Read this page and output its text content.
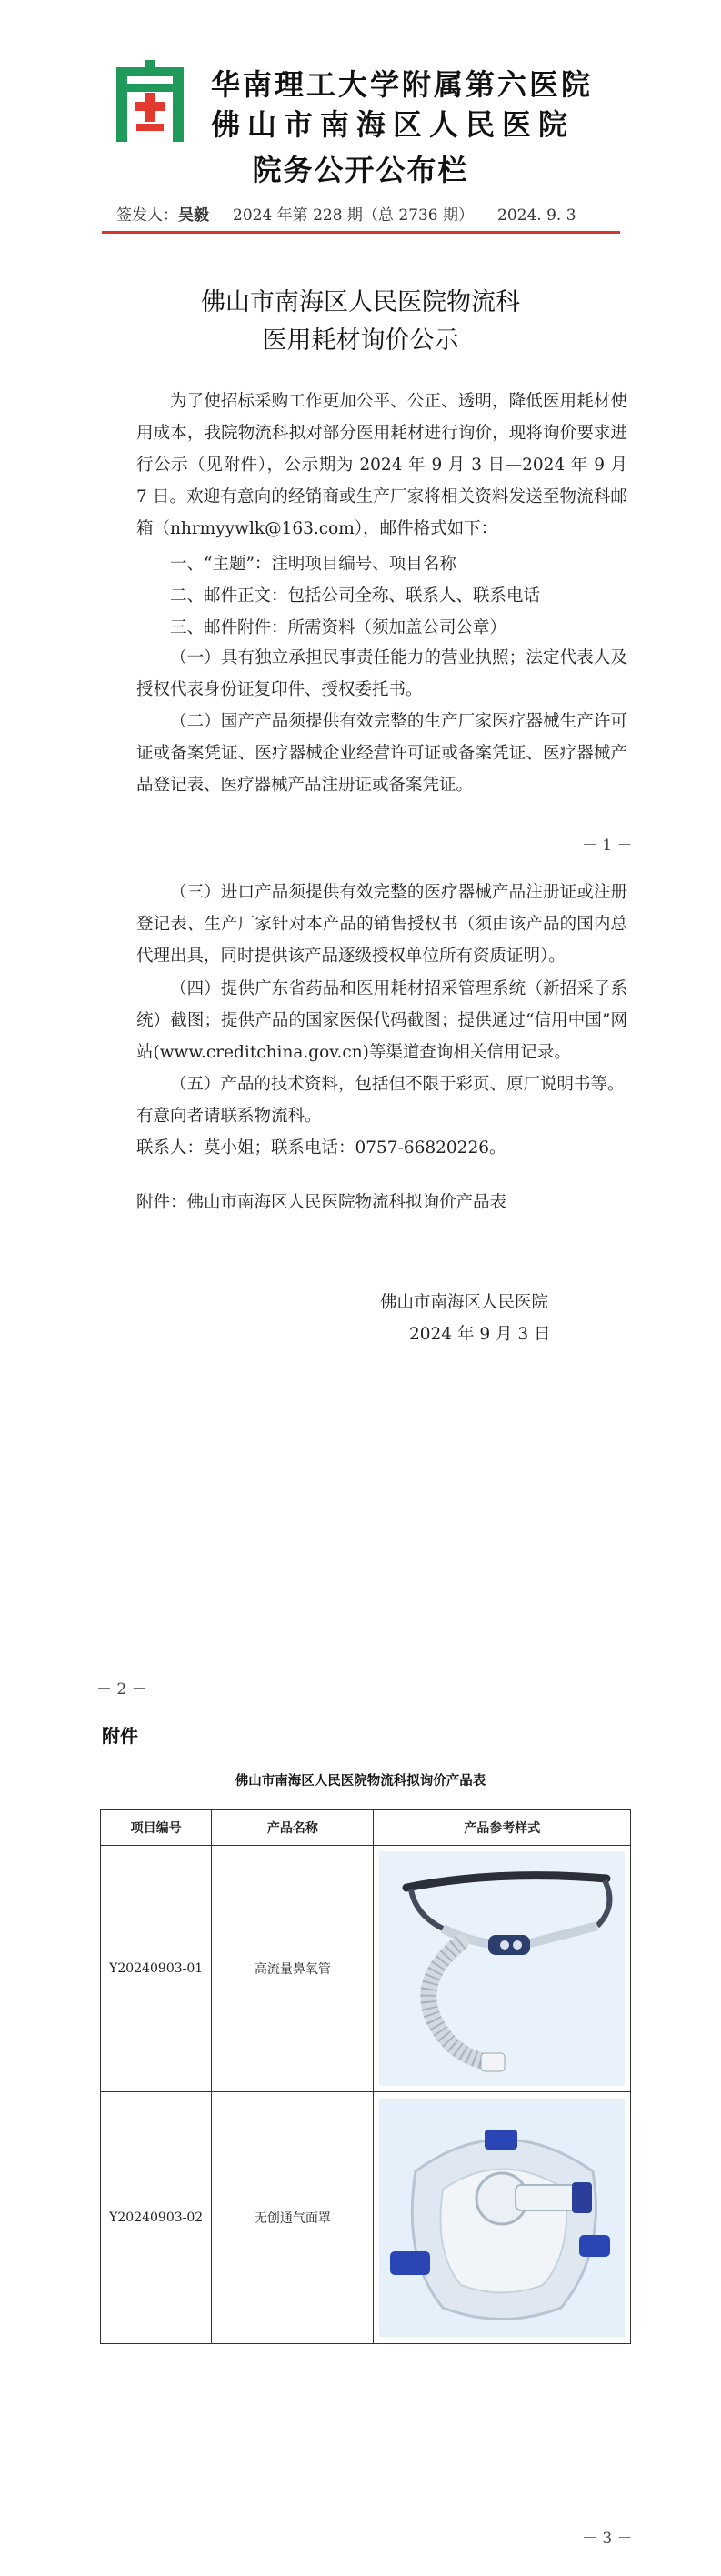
华南理工大学附属第六医院
佛山市南海区人民医院
院务公开公布栏
签发人：吴毅 2024 年第 228 期（总 2736 期） 2024. 9. 3
佛山市南海区人民医院物流科
医用耗材询价公示
为了使招标采购工作更加公平、公正、透明，降低医用耗材使用成本，我院物流科拟对部分医用耗材进行询价，现将询价要求进行公示（见附件），公示期为 2024 年 9 月 3 日—2024 年 9 月 7 日。欢迎有意向的经销商或生产厂家将相关资料发送至物流科邮箱（nhrmyywlk@163.com），邮件格式如下：
一、“主题”：注明项目编号、项目名称
二、邮件正文：包括公司全称、联系人、联系电话
三、邮件附件：所需资料（须加盖公司公章）
（一）具有独立承担民事责任能力的营业执照；法定代表人及授权代表身份证复印件、授权委托书。
（二）国产产品须提供有效完整的生产厂家医疗器械生产许可证或备案凭证、医疗器械企业经营许可证或备案凭证、医疗器械产品登记表、医疗器械产品注册证或备案凭证。
－ 1 －
（三）进口产品须提供有效完整的医疗器械产品注册证或注册登记表、生产厂家针对本产品的销售授权书（须由该产品的国内总代理出具，同时提供该产品逐级授权单位所有资质证明）。
（四）提供广东省药品和医用耗材招采管理系统（新招采子系统）截图；提供产品的国家医保代码截图；提供通过“信用中国”网站(www.creditchina.gov.cn)等渠道查询相关信用记录。
（五）产品的技术资料，包括但不限于彩页、原厂说明书等。
有意向者请联系物流科。
联系人：莫小姐；联系电话：0757-66820226。
附件：佛山市南海区人民医院物流科拟询价产品表
佛山市南海区人民医院
2024 年 9 月 3 日
－ 2 －
附件
佛山市南海区人民医院物流科拟询价产品表
项目编号	产品名称	产品参考样式
Y20240903-01	高流量鼻氧管	

Y20240903-02	无创通气面罩	
－ 3 －
